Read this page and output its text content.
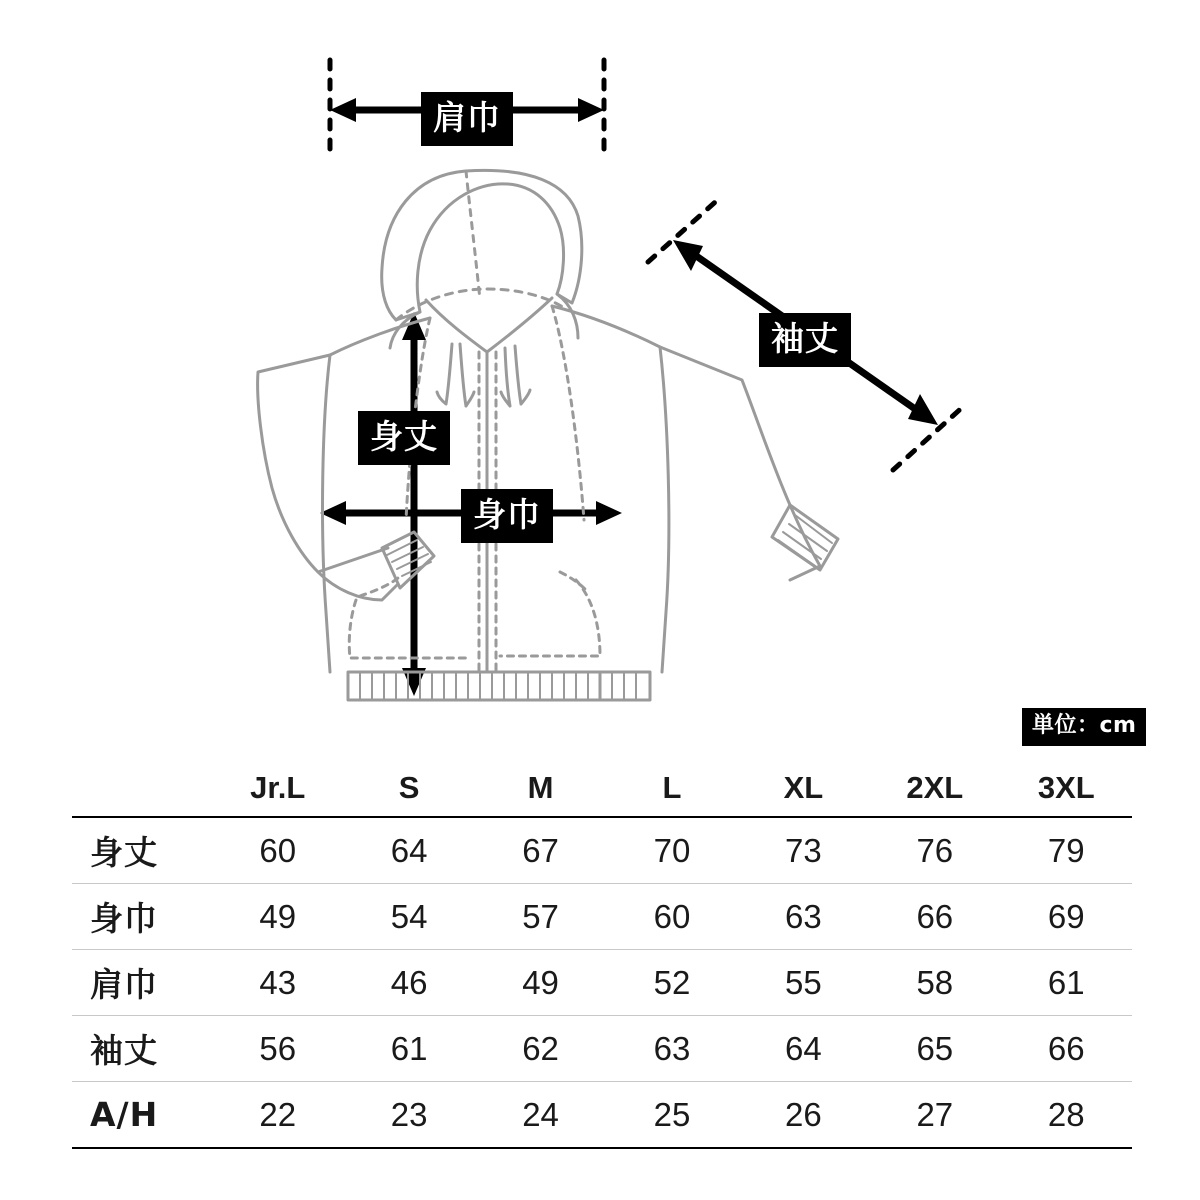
肩巾
袖丈
身丈
身巾
単位：cm
	Jr.L	S	M	L	XL	2XL	3XL
身丈	60	64	67	70	73	76	79
身巾	49	54	57	60	63	66	69
肩巾	43	46	49	52	55	58	61
袖丈	56	61	62	63	64	65	66
A/H	22	23	24	25	26	27	28
